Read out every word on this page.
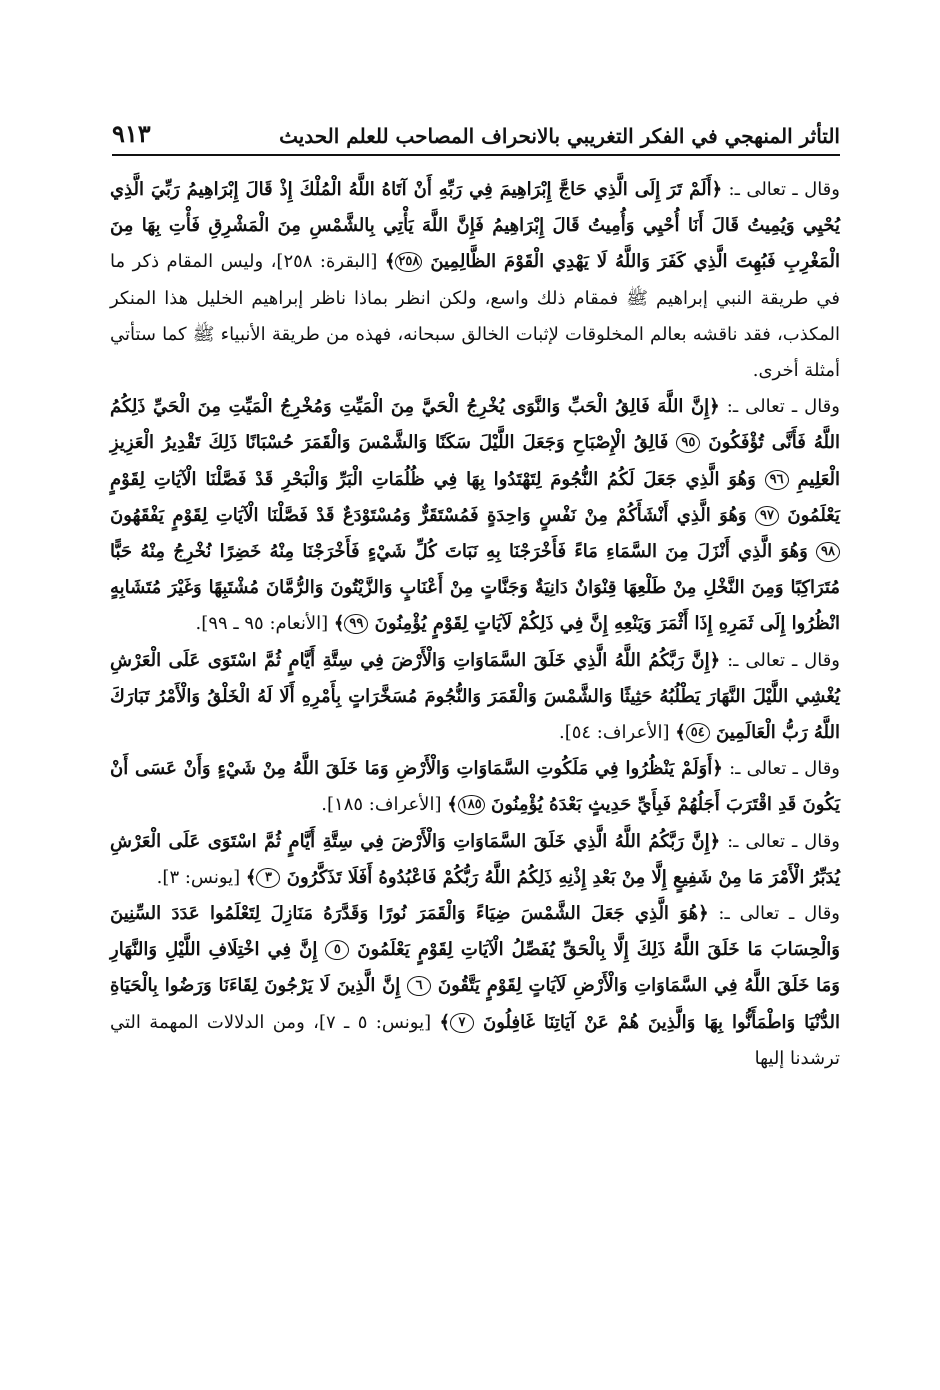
التأثر المنهجي في الفكر التغريبي بالانحراف المصاحب للعلم الحديث
٩١٣

وقال ـ تعالى ـ: ﴿أَلَمْ تَرَ إِلَى الَّذِي حَاجَّ إِبْرَاهِيمَ فِي رَبِّهِ أَنْ آتَاهُ اللَّهُ الْمُلْكَ إِذْ قَالَ إِبْرَاهِيمُ رَبِّيَ الَّذِي يُحْيِي وَيُمِيتُ قَالَ أَنَا أُحْيِي وَأُمِيتُ قَالَ إِبْرَاهِيمُ فَإِنَّ اللَّهَ يَأْتِي بِالشَّمْسِ مِنَ الْمَشْرِقِ فَأْتِ بِهَا مِنَ الْمَغْرِبِ فَبُهِتَ الَّذِي كَفَرَ وَاللَّهُ لَا يَهْدِي الْقَوْمَ الظَّالِمِينَ ٢٥٨﴾ [البقرة: ٢٥٨]، وليس المقام ذكر ما في طريقة النبي إبراهيم ﷺ فمقام ذلك واسع، ولكن انظر بماذا ناظر إبراهيم الخليل هذا المنكر المكذب، فقد ناقشه بعالم المخلوقات لإثبات الخالق سبحانه، فهذه من طريقة الأنبياء ﷺ كما ستأتي أمثلة أخرى.

وقال ـ تعالى ـ: ﴿إِنَّ اللَّهَ فَالِقُ الْحَبِّ وَالنَّوَى يُخْرِجُ الْحَيَّ مِنَ الْمَيِّتِ وَمُخْرِجُ الْمَيِّتِ مِنَ الْحَيِّ ذَلِكُمُ اللَّهُ فَأَنَّى تُؤْفَكُونَ ٩٥ فَالِقُ الْإِصْبَاحِ وَجَعَلَ اللَّيْلَ سَكَنًا وَالشَّمْسَ وَالْقَمَرَ حُسْبَانًا ذَلِكَ تَقْدِيرُ الْعَزِيزِ الْعَلِيمِ ٩٦ وَهُوَ الَّذِي جَعَلَ لَكُمُ النُّجُومَ لِتَهْتَدُوا بِهَا فِي ظُلُمَاتِ الْبَرِّ وَالْبَحْرِ قَدْ فَصَّلْنَا الْآيَاتِ لِقَوْمٍ يَعْلَمُونَ ٩٧ وَهُوَ الَّذِي أَنْشَأَكُمْ مِنْ نَفْسٍ وَاحِدَةٍ فَمُسْتَقَرٌّ وَمُسْتَوْدَعٌ قَدْ فَصَّلْنَا الْآيَاتِ لِقَوْمٍ يَفْقَهُونَ ٩٨ وَهُوَ الَّذِي أَنْزَلَ مِنَ السَّمَاءِ مَاءً فَأَخْرَجْنَا بِهِ نَبَاتَ كُلِّ شَيْءٍ فَأَخْرَجْنَا مِنْهُ خَضِرًا نُخْرِجُ مِنْهُ حَبًّا مُتَرَاكِبًا وَمِنَ النَّخْلِ مِنْ طَلْعِهَا قِنْوَانٌ دَانِيَةٌ وَجَنَّاتٍ مِنْ أَعْنَابٍ وَالزَّيْتُونَ وَالرُّمَّانَ مُشْتَبِهًا وَغَيْرَ مُتَشَابِهٍ انْظُرُوا إِلَى ثَمَرِهِ إِذَا أَثْمَرَ وَيَنْعِهِ إِنَّ فِي ذَلِكُمْ لَآيَاتٍ لِقَوْمٍ يُؤْمِنُونَ ٩٩﴾ [الأنعام: ٩٥ ـ ٩٩].

وقال ـ تعالى ـ: ﴿إِنَّ رَبَّكُمُ اللَّهُ الَّذِي خَلَقَ السَّمَاوَاتِ وَالْأَرْضَ فِي سِتَّةِ أَيَّامٍ ثُمَّ اسْتَوَى عَلَى الْعَرْشِ يُغْشِي اللَّيْلَ النَّهَارَ يَطْلُبُهُ حَثِيثًا وَالشَّمْسَ وَالْقَمَرَ وَالنُّجُومَ مُسَخَّرَاتٍ بِأَمْرِهِ أَلَا لَهُ الْخَلْقُ وَالْأَمْرُ تَبَارَكَ اللَّهُ رَبُّ الْعَالَمِينَ ٥٤﴾ [الأعراف: ٥٤].

وقال ـ تعالى ـ: ﴿أَوَلَمْ يَنْظُرُوا فِي مَلَكُوتِ السَّمَاوَاتِ وَالْأَرْضِ وَمَا خَلَقَ اللَّهُ مِنْ شَيْءٍ وَأَنْ عَسَى أَنْ يَكُونَ قَدِ اقْتَرَبَ أَجَلُهُمْ فَبِأَيِّ حَدِيثٍ بَعْدَهُ يُؤْمِنُونَ ١٨٥﴾ [الأعراف: ١٨٥].

وقال ـ تعالى ـ: ﴿إِنَّ رَبَّكُمُ اللَّهُ الَّذِي خَلَقَ السَّمَاوَاتِ وَالْأَرْضَ فِي سِتَّةِ أَيَّامٍ ثُمَّ اسْتَوَى عَلَى الْعَرْشِ يُدَبِّرُ الْأَمْرَ مَا مِنْ شَفِيعٍ إِلَّا مِنْ بَعْدِ إِذْنِهِ ذَلِكُمُ اللَّهُ رَبُّكُمْ فَاعْبُدُوهُ أَفَلَا تَذَكَّرُونَ ٣﴾ [يونس: ٣].

وقال ـ تعالى ـ: ﴿هُوَ الَّذِي جَعَلَ الشَّمْسَ ضِيَاءً وَالْقَمَرَ نُورًا وَقَدَّرَهُ مَنَازِلَ لِتَعْلَمُوا عَدَدَ السِّنِينَ وَالْحِسَابَ مَا خَلَقَ اللَّهُ ذَلِكَ إِلَّا بِالْحَقِّ يُفَصِّلُ الْآيَاتِ لِقَوْمٍ يَعْلَمُونَ ٥ إِنَّ فِي اخْتِلَافِ اللَّيْلِ وَالنَّهَارِ وَمَا خَلَقَ اللَّهُ فِي السَّمَاوَاتِ وَالْأَرْضِ لَآيَاتٍ لِقَوْمٍ يَتَّقُونَ ٦ إِنَّ الَّذِينَ لَا يَرْجُونَ لِقَاءَنَا وَرَضُوا بِالْحَيَاةِ الدُّنْيَا وَاطْمَأَنُّوا بِهَا وَالَّذِينَ هُمْ عَنْ آيَاتِنَا غَافِلُونَ ٧﴾ [يونس: ٥ ـ ٧]، ومن الدلالات المهمة التي ترشدنا إليها
